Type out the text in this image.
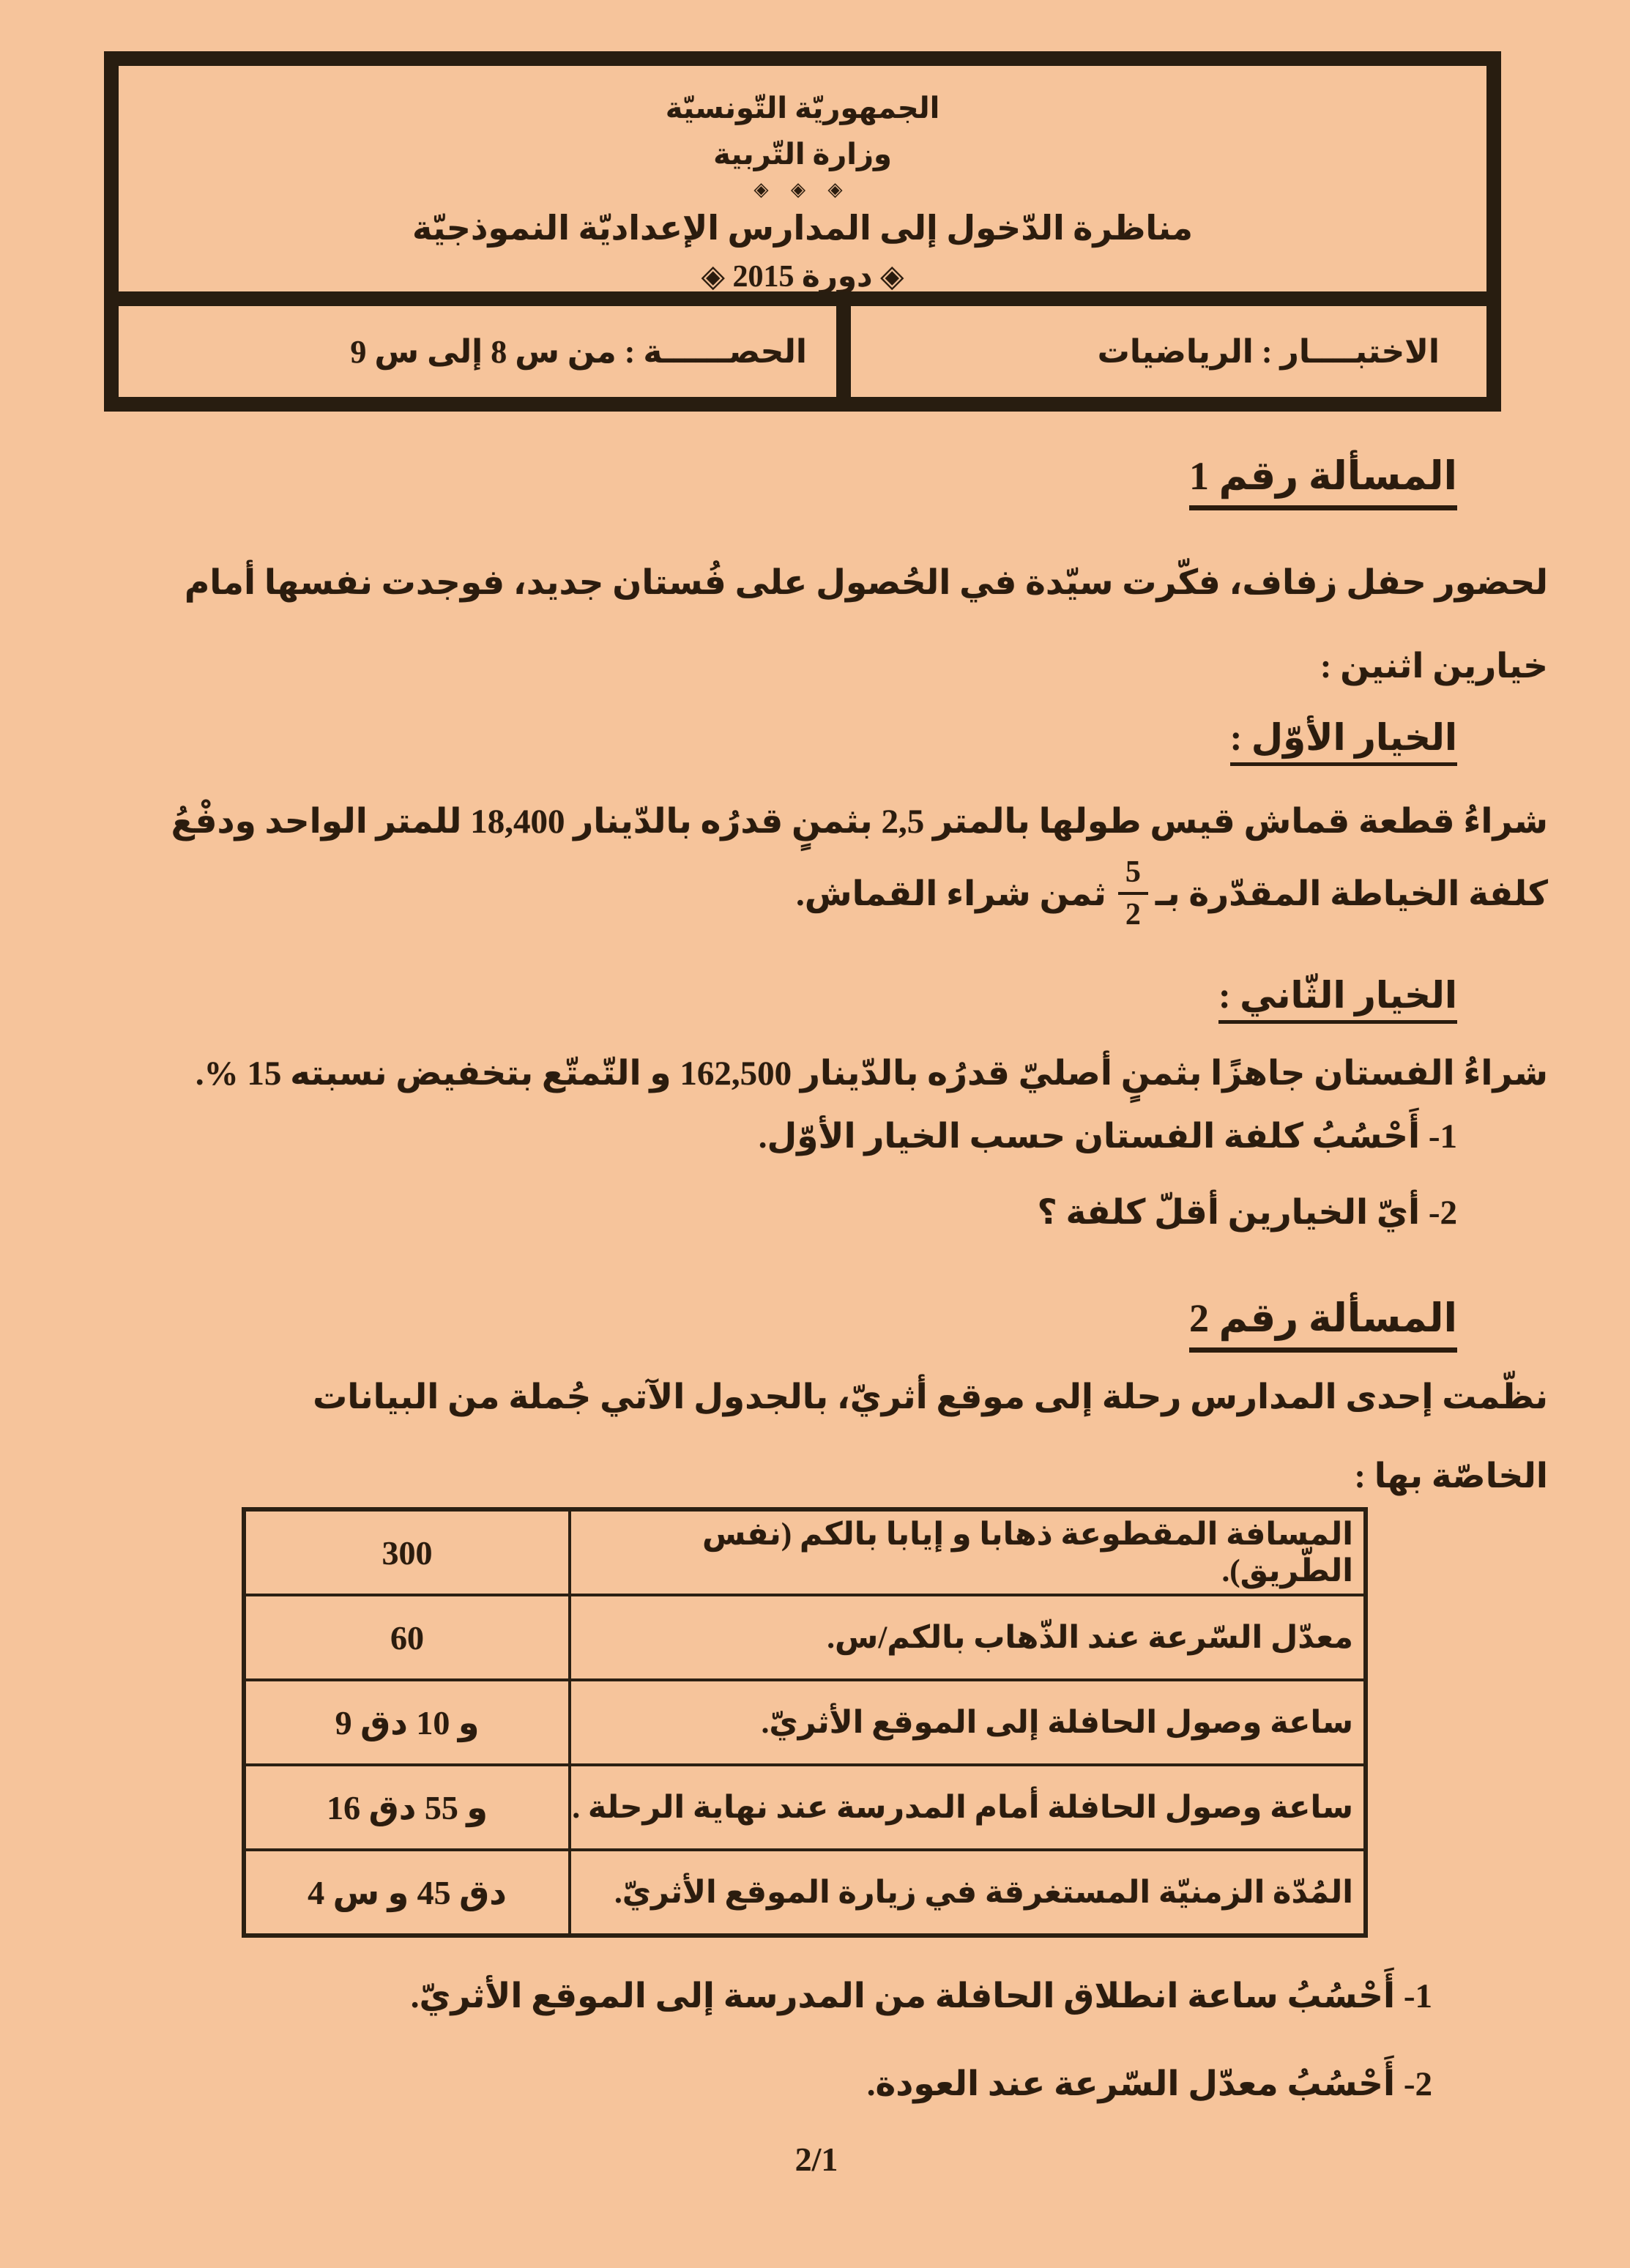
الجمهوريّة التّونسيّة
وزارة التّربية
◈ ◈ ◈
مناظرة الدّخول إلى المدارس الإعداديّة النموذجيّة
◈ دورة 2015 ◈
الاختبــــار : الرياضيات
الحصــــــة : من س 8 إلى س 9
المسألة رقم 1
لحضور حفل زفاف، فكّرت سيّدة في الحُصول على فُستان جديد، فوجدت نفسها أمام
خيارين اثنين :
الخيار الأوّل :
شراءُ قطعة قماش قيس طولها بالمتر 2,5 بثمنٍ قدرُه بالدّينار 18,400 للمتر الواحد ودفْعُ
كلفة الخياطة المقدّرة بـ
$\frac{5}{2}$
ثمن شراء القماش.
الخيار الثّاني :
شراءُ الفستان جاهزًا بثمنٍ أصليّ قدرُه بالدّينار 162,500 و التّمتّع بتخفيض نسبته 15‏ %.
1- أَحْسُبُ كلفة الفستان حسب الخيار الأوّل.
2- أيّ الخيارين أقلّ كلفة ؟
المسألة رقم 2
نظّمت إحدى المدارس رحلة إلى موقع أثريّ، بالجدول الآتي جُملة من البيانات
الخاصّة بها :
المسافة المقطوعة ذهابا و إيابا بالكم (نفس الطّريق).
300
معدّل السّرعة عند الذّهاب بالكم/س.
60
ساعة وصول الحافلة إلى الموقع الأثريّ.
9 و 10 دق
ساعة وصول الحافلة أمام المدرسة عند نهاية الرحلة .
16 و 55 دق
المُدّة الزمنيّة المستغرقة في زيارة الموقع الأثريّ.
4 س‎ و‎ 45 دق
1- أَحْسُبُ ساعة انطلاق الحافلة من المدرسة إلى الموقع الأثريّ.
2- أَحْسُبُ معدّل السّرعة عند العودة.
2/1
